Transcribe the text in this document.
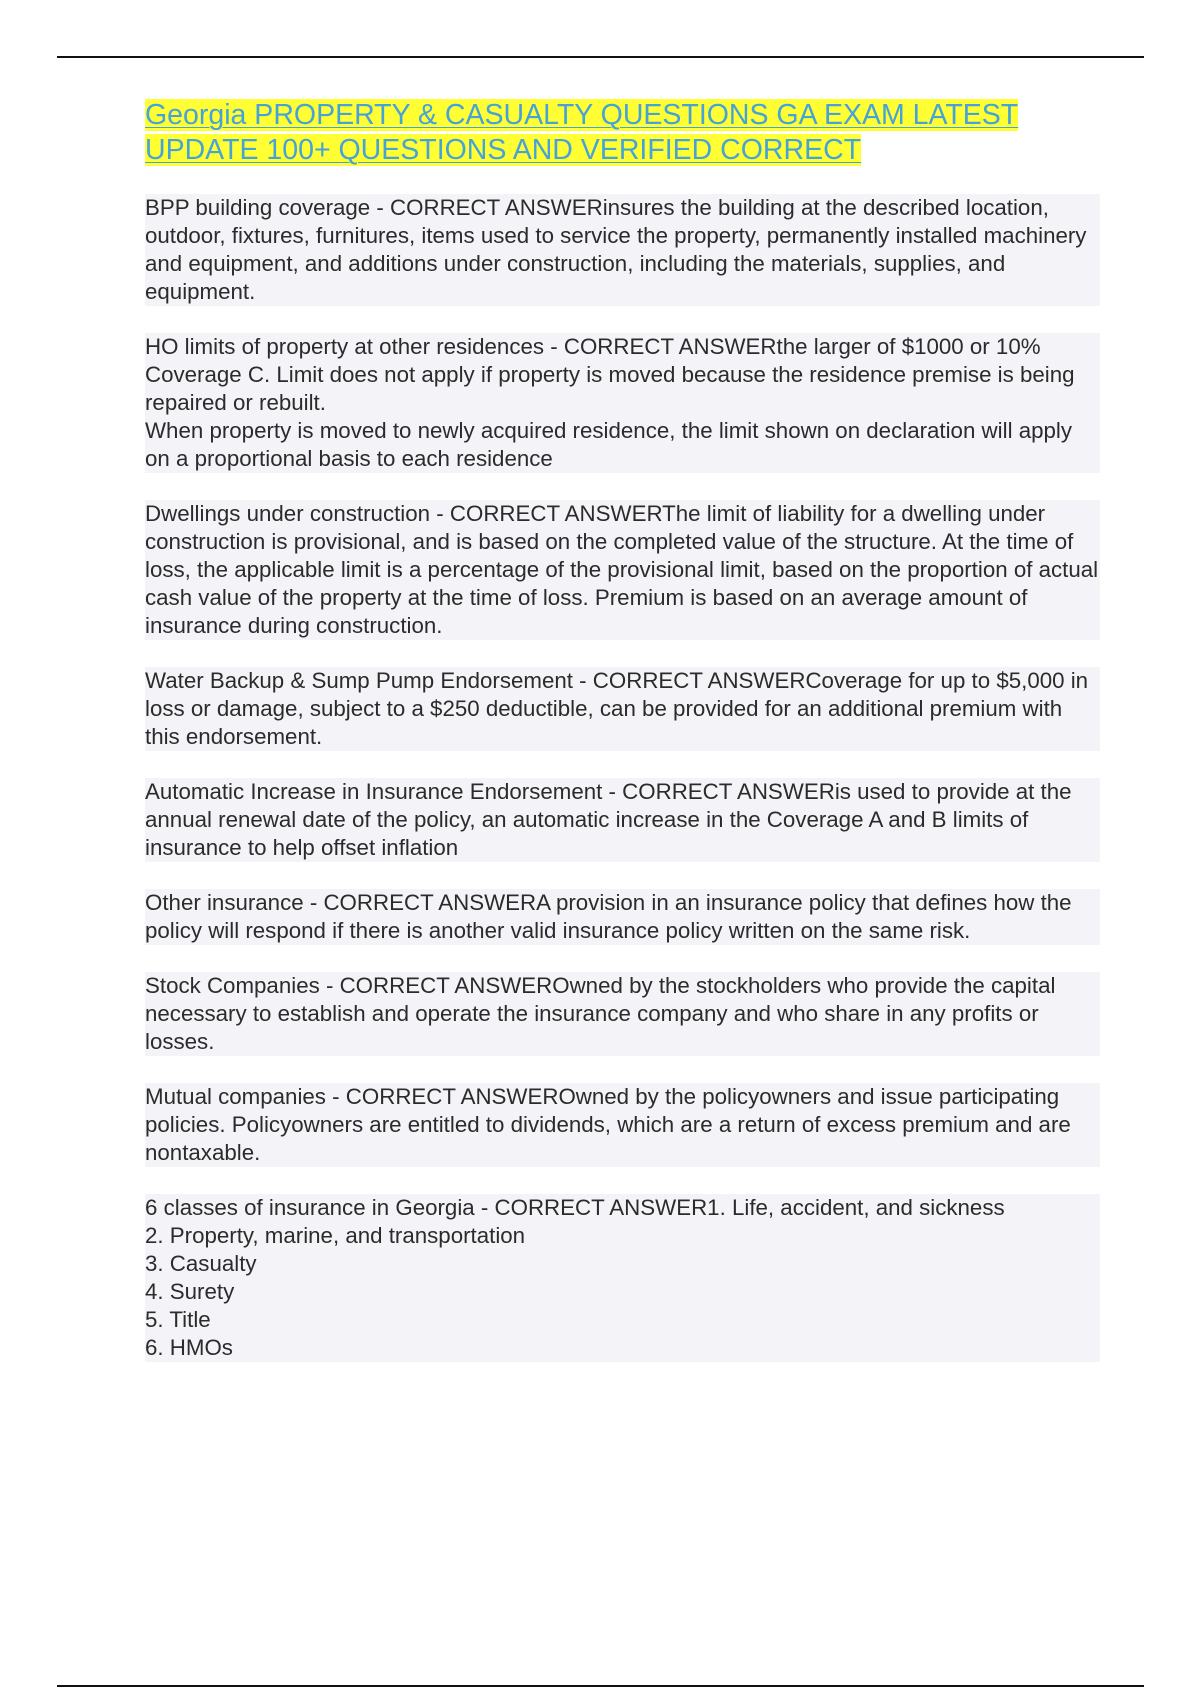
Georgia PROPERTY & CASUALTY QUESTIONS GA EXAM LATEST UPDATE 100+ QUESTIONS AND VERIFIED CORRECT

BPP building coverage - CORRECT ANSWERinsures the building at the described location, outdoor, fixtures, furnitures, items used to service the property, permanently installed machinery and equipment, and additions under construction, including the materials, supplies, and equipment.

HO limits of property at other residences - CORRECT ANSWERthe larger of $1000 or 10% Coverage C. Limit does not apply if property is moved because the residence premise is being repaired or rebuilt.
When property is moved to newly acquired residence, the limit shown on declaration will apply on a proportional basis to each residence

Dwellings under construction - CORRECT ANSWERThe limit of liability for a dwelling under construction is provisional, and is based on the completed value of the structure. At the time of loss, the applicable limit is a percentage of the provisional limit, based on the proportion of actual cash value of the property at the time of loss. Premium is based on an average amount of insurance during construction.

Water Backup & Sump Pump Endorsement - CORRECT ANSWERCoverage for up to $5,000 in loss or damage, subject to a $250 deductible, can be provided for an additional premium with this endorsement.

Automatic Increase in Insurance Endorsement - CORRECT ANSWERis used to provide at the annual renewal date of the policy, an automatic increase in the Coverage A and B limits of insurance to help offset inflation

Other insurance - CORRECT ANSWERA provision in an insurance policy that defines how the policy will respond if there is another valid insurance policy written on the same risk.

Stock Companies - CORRECT ANSWEROwned by the stockholders who provide the capital necessary to establish and operate the insurance company and who share in any profits or losses.

Mutual companies - CORRECT ANSWEROwned by the policyowners and issue participating policies. Policyowners are entitled to dividends, which are a return of excess premium and are nontaxable.

6 classes of insurance in Georgia - CORRECT ANSWER1. Life, accident, and sickness
2. Property, marine, and transportation
3. Casualty
4. Surety
5. Title
6. HMOs
